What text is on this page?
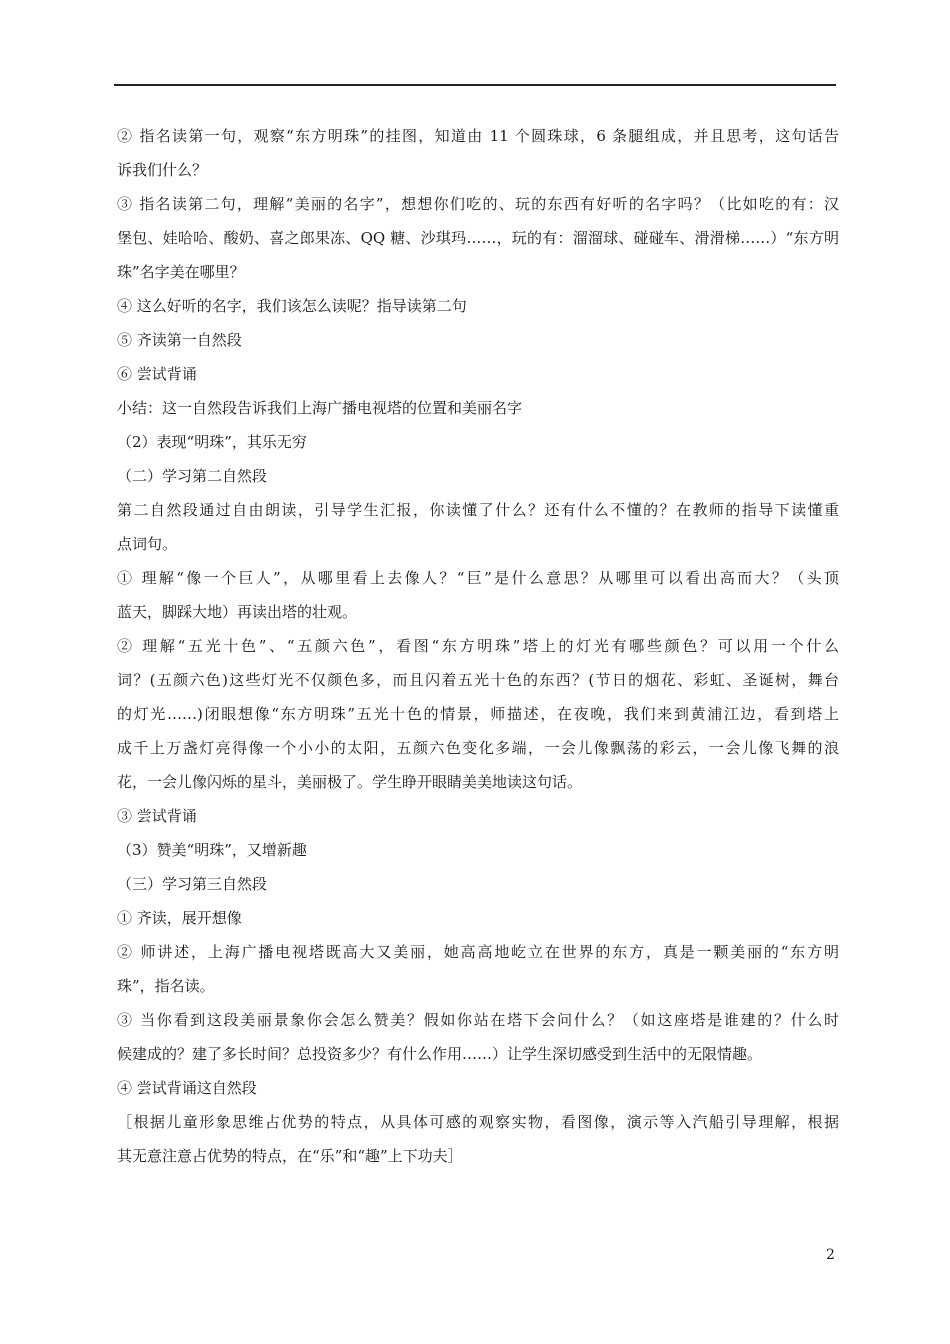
② 指名读第一句，观察“东方明珠”的挂图，知道由 11 个圆珠球，6 条腿组成，并且思考，这句话告
诉我们什么？
③ 指名读第二句，理解“美丽的名字”，想想你们吃的、玩的东西有好听的名字吗？（比如吃的有：汉
堡包、娃哈哈、酸奶、喜之郎果冻、QQ 糖、沙琪玛……，玩的有：溜溜球、碰碰车、滑滑梯……）“东方明
珠”名字美在哪里？
④ 这么好听的名字，我们该怎么读呢？指导读第二句
⑤ 齐读第一自然段
⑥ 尝试背诵
小结：这一自然段告诉我们上海广播电视塔的位置和美丽名字
（2）表现“明珠”，其乐无穷
（二）学习第二自然段
第二自然段通过自由朗读，引导学生汇报，你读懂了什么？还有什么不懂的？在教师的指导下读懂重
点词句。
① 理解“像一个巨人”，从哪里看上去像人？“巨”是什么意思？从哪里可以看出高而大？（头顶
蓝天，脚踩大地）再读出塔的壮观。
② 理解“五光十色”、“五颜六色”，看图“东方明珠”塔上的灯光有哪些颜色？可以用一个什么
词？(五颜六色)这些灯光不仅颜色多，而且闪着五光十色的东西？(节日的烟花、彩虹、圣诞树，舞台
的灯光……)闭眼想像“东方明珠”五光十色的情景，师描述，在夜晚，我们来到黄浦江边，看到塔上
成千上万盏灯亮得像一个小小的太阳，五颜六色变化多端，一会儿像飘荡的彩云，一会儿像飞舞的浪
花，一会儿像闪烁的星斗，美丽极了。学生睁开眼睛美美地读这句话。
③ 尝试背诵
（3）赞美“明珠”，又增新趣
（三）学习第三自然段
① 齐读，展开想像
② 师讲述，上海广播电视塔既高大又美丽，她高高地屹立在世界的东方，真是一颗美丽的“东方明
珠”，指名读。
③ 当你看到这段美丽景象你会怎么赞美？假如你站在塔下会问什么？（如这座塔是谁建的？什么时
候建成的？建了多长时间？总投资多少？有什么作用……）让学生深切感受到生活中的无限情趣。
④ 尝试背诵这自然段
［根据儿童形象思维占优势的特点，从具体可感的观察实物，看图像，演示等入汽船引导理解，根据
其无意注意占优势的特点，在“乐”和“趣”上下功夫］
2
